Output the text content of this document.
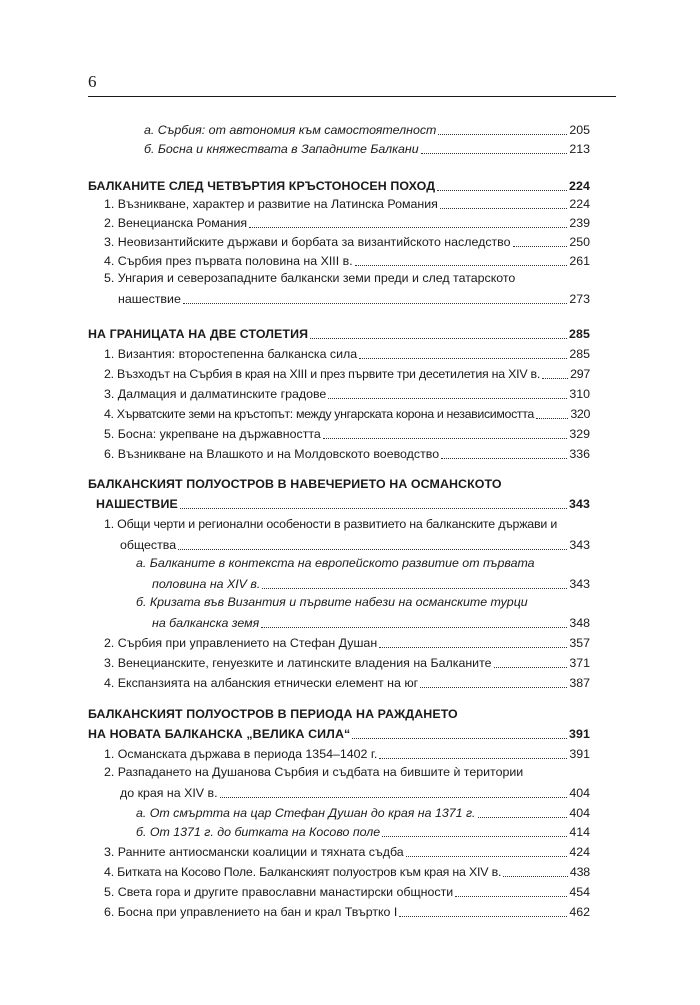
6
а. Сърбия: от автономия към самостоятелност	205
б. Босна и княжествата в Западните Балкани	213
БАЛКАНИТЕ СЛЕД ЧЕТВЪРТИЯ КРЪСТОНОСЕН ПОХОД	224
1. Възникване, характер и развитие на Латинска Романия	224
2. Венецианска Романия	239
3. Неовизантийските държави и борбата за византийското наследство	250
4. Сърбия през първата половина на XIII в.	261
5. Унгария и северозападните балкански земи преди и след татарското
нашествие	273
НА ГРАНИЦАТА НА ДВЕ СТОЛЕТИЯ	285
1. Византия: второстепенна балканска сила	285
2. Възходът на Сърбия в края на XIII и през първите три десетилетия на XIV в. 297
3. Далмация и далматинските градове	310
4. Хърватските земи на кръстопът: между унгарската корона и независимостта	320
5. Босна: укрепване на държавността	329
6. Възникване на Влашкото и на Молдовското воеводство	336
БАЛКАНСКИЯТ ПОЛУОСТРОВ В НАВЕЧЕРИЕТО НА ОСМАНСКОТО
НАШЕСТВИЕ	343
1. Общи черти и регионални особености в развитието на балканските държави и
общества	343
а. Балканите в контекста на европейското развитие от първата
половина на XIV в.	343
б. Кризата във Византия и първите набези на османските турци
на балканска земя	348
2. Сърбия при управлението на Стефан Душан	357
3. Венецианските, генуезките и латинските владения на Балканите	371
4. Експанзията на албанския етнически елемент на юг	387
БАЛКАНСКИЯТ ПОЛУОСТРОВ В ПЕРИОДА НА РАЖДАНЕТО
НА НОВАТА БАЛКАНСКА „ВЕЛИКА СИЛА“	391
1. Османската държава в периода 1354–1402 г.	391
2. Разпадането на Душанова Сърбия и съдбата на бившите ѝ територии
до края на XIV в.	404
а. От смъртта на цар Стефан Душан до края на 1371 г.	404
б. От 1371 г. до битката на Косово поле	414
3. Ранните антиосмански коалиции и тяхната съдба	424
4. Битката на Косово Поле. Балканският полуостров към края на XIV в.	438
5. Света гора и другите православни манастирски общности	454
6. Босна при управлението на бан и крал Твъртко I	462
